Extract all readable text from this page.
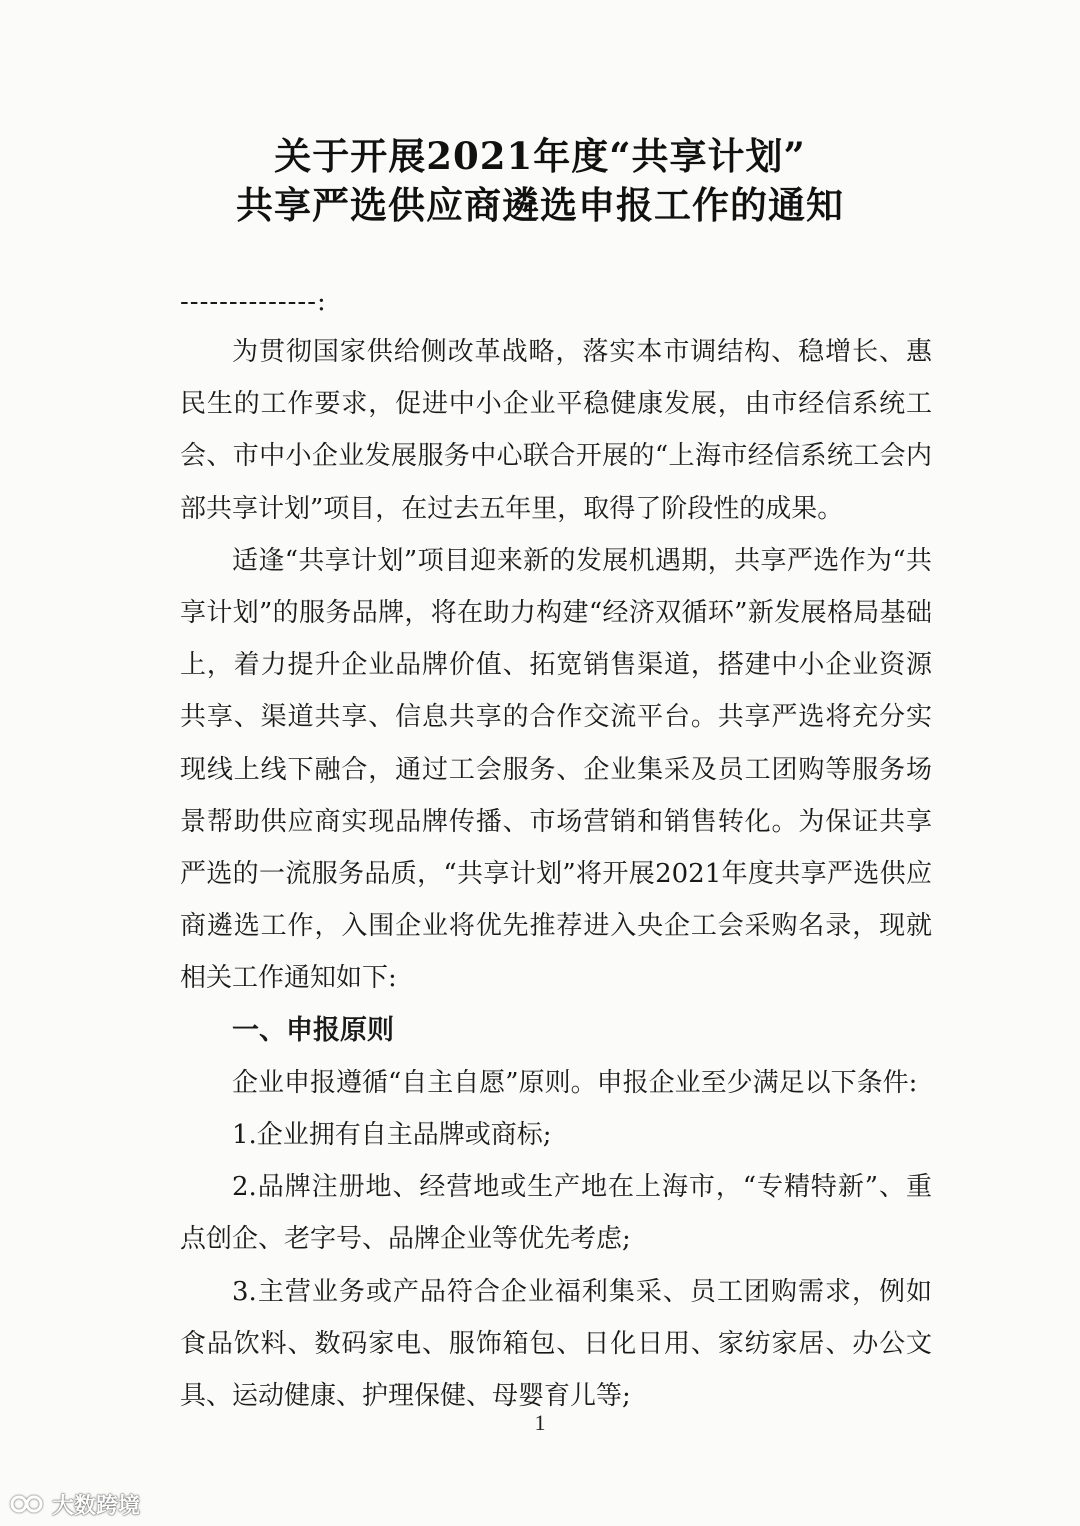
关于开展2021年度“共享计划”
共享严选供应商遴选申报工作的通知
--------------:

为贯彻国家供给侧改革战略，落实本市调结构、稳增长、惠民生的工作要求，促进中小企业平稳健康发展，由市经信系统工会、市中小企业发展服务中心联合开展的“上海市经信系统工会内部共享计划”项目，在过去五年里，取得了阶段性的成果。

适逢“共享计划”项目迎来新的发展机遇期，共享严选作为“共享计划”的服务品牌，将在助力构建“经济双循环”新发展格局基础上，着力提升企业品牌价值、拓宽销售渠道，搭建中小企业资源共享、渠道共享、信息共享的合作交流平台。共享严选将充分实现线上线下融合，通过工会服务、企业集采及员工团购等服务场景帮助供应商实现品牌传播、市场营销和销售转化。为保证共享严选的一流服务品质，“共享计划”将开展2021年度共享严选供应商遴选工作，入围企业将优先推荐进入央企工会采购名录，现就相关工作通知如下:

一、申报原则

企业申报遵循“自主自愿”原则。申报企业至少满足以下条件:

1.企业拥有自主品牌或商标;

2.品牌注册地、经营地或生产地在上海市，“专精特新”、重点创企、老字号、品牌企业等优先考虑;

3.主营业务或产品符合企业福利集采、员工团购需求，例如食品饮料、数码家电、服饰箱包、日化日用、家纺家居、办公文具、运动健康、护理保健、母婴育儿等;

1
大数跨境
